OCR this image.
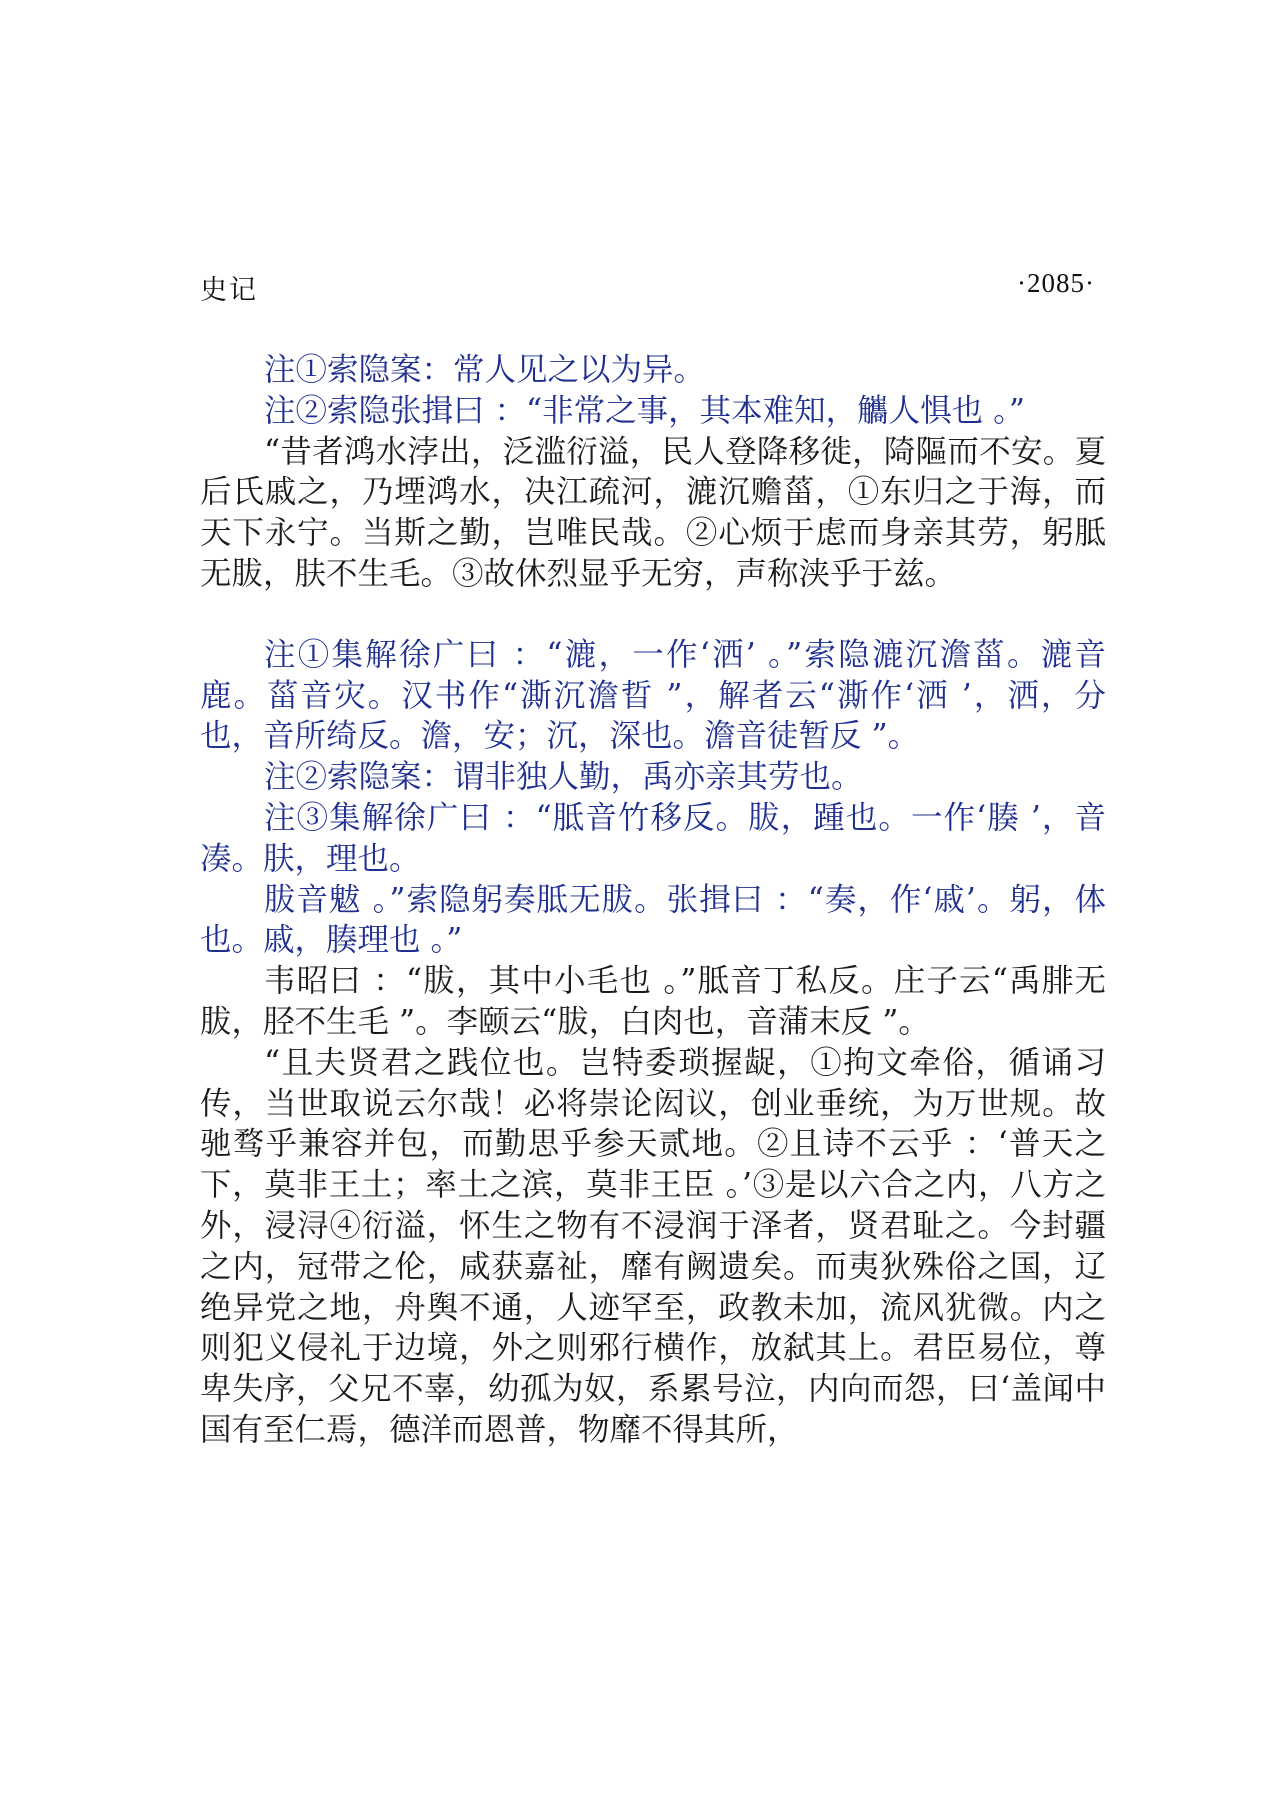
史记	·2085·

注①索隐案：常人见之以为异。

注②索隐张揖曰 ：“非常之事，其本难知，觿人惧也 。”

“昔者鸿水浡出，泛滥衍溢，民人登降移徙，陭䧢而不安。夏后氏戚之，乃堙鸿水，决江疏河，漉沉赡菑，①东归之于海，而天下永宁。当斯之勤，岂唯民哉。②心烦于虑而身亲其劳，躬胝无胈，肤不生毛。③故休烈显乎无穷，声称浃乎于兹。

注①集解徐广曰 ：“漉，一作‘洒’ 。”索隐漉沉澹菑。漉音鹿。菑音灾。汉书作“澌沉澹晢 ”，解者云“澌作‘洒 ’，洒，分也，音所绮反。澹，安；沉，深也。澹音徒暂反 ”。

注②索隐案：谓非独人勤，禹亦亲其劳也。

注③集解徐广曰 ：“胝音竹移反。胈，踵也。一作‘腠 ’，音凑。肤，理也。

胈音魃 。”索隐躬奏胝无胈。张揖曰 ：“奏，作‘戚’。躬，体也。戚，腠理也 。”

韦昭曰 ：“胈，其中小毛也 。”胝音丁私反。庄子云“禹腓无胈，胫不生毛 ”。李颐云“胈，白肉也，音蒲末反 ”。

“且夫贤君之践位也。岂特委琐握龊，①拘文牵俗，循诵习传，当世取说云尔哉！必将崇论闳议，创业垂统，为万世规。故驰骛乎兼容并包，而勤思乎参天贰地。②且诗不云乎 ：‘普天之下，莫非王土；率土之滨，莫非王臣 。’③是以六合之内，八方之外，浸浔④衍溢，怀生之物有不浸润于泽者，贤君耻之。今封疆之内，冠带之伦，咸获嘉祉，靡有阙遗矣。而夷狄殊俗之国，辽绝异党之地，舟舆不通，人迹罕至，政教未加，流风犹微。内之则犯义侵礼于边境，外之则邪行横作，放弑其上。君臣易位，尊卑失序，父兄不辜，幼孤为奴，系累号泣，内向而怨，曰‘盖闻中国有至仁焉，德洋而恩普，物靡不得其所，
